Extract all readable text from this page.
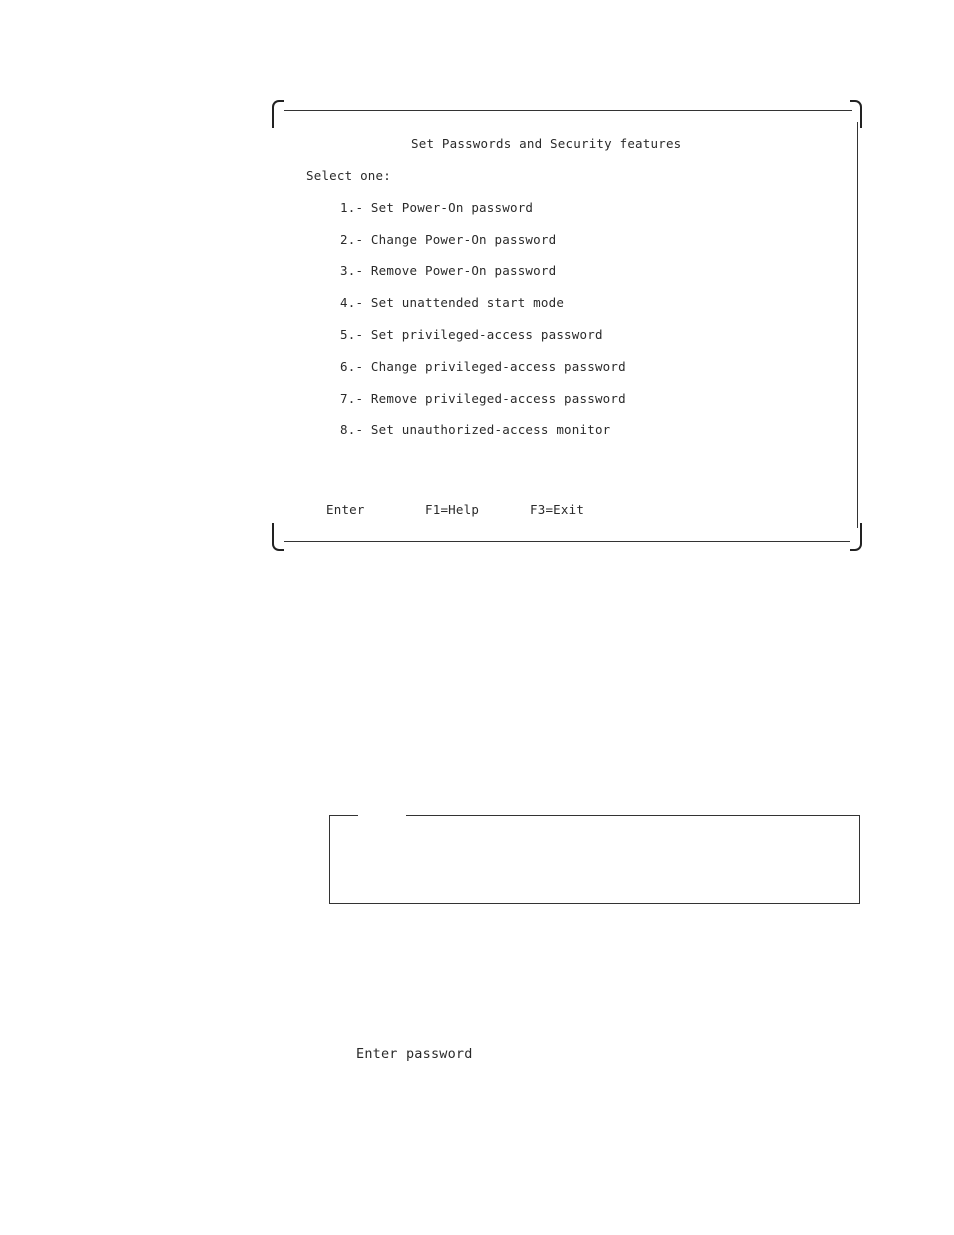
Set Passwords and Security features
Select one:
1.- Set Power-On password
2.- Change Power-On password
3.- Remove Power-On password
4.- Set unattended start mode
5.- Set privileged-access password
6.- Change privileged-access password
7.- Remove privileged-access password
8.- Set unauthorized-access monitor
Enter	F1=Help	F3=Exit
Enter password
